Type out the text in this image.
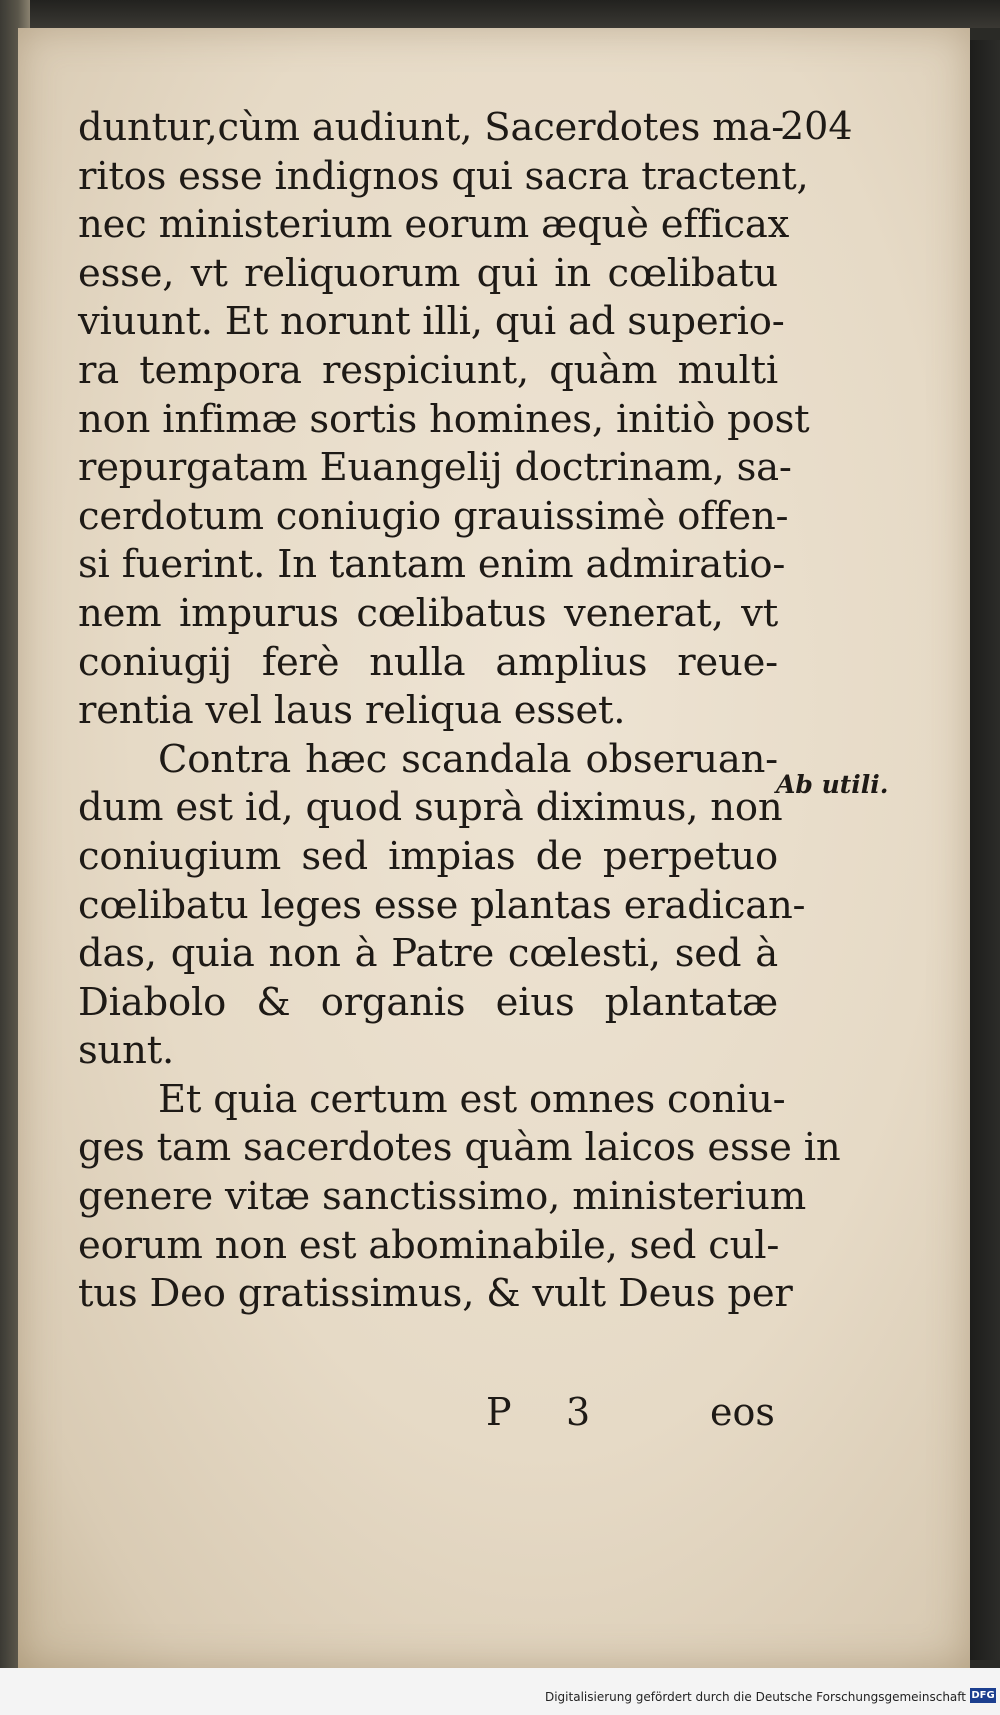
204
Ab utili.
duntur,cùm audiunt, Sacerdotes ma-
ritos esse indignos qui sacra tractent,
nec ministerium eorum æquè efficax
esse, vt reliquorum qui in cœlibatu
viuunt. Et norunt illi, qui ad superio-
ra tempora respiciunt, quàm multi
non infimæ sortis homines, initiò post
repurgatam Euangelij doctrinam, sa-
cerdotum coniugio grauissimè offen-
si fuerint. In tantam enim admiratio-
nem impurus cœlibatus venerat, vt
coniugij ferè nulla amplius reue-
rentia vel laus reliqua esset.
Contra hæc scandala obseruan-
dum est id, quod suprà diximus, non
coniugium sed impias de perpetuo
cœlibatu leges esse plantas eradican-
das, quia non à Patre cœlesti, sed à
Diabolo & organis eius plantatæ
sunt.
Et quia certum est omnes coniu-
ges tam sacerdotes quàm laicos esse in
genere vitæ sanctissimo, ministerium
eorum non est abominabile, sed cul-
tus Deo gratissimus, & vult Deus per
P 3	eos
Digitalisierung gefördert durch die Deutsche Forschungsgemeinschaft DFG
